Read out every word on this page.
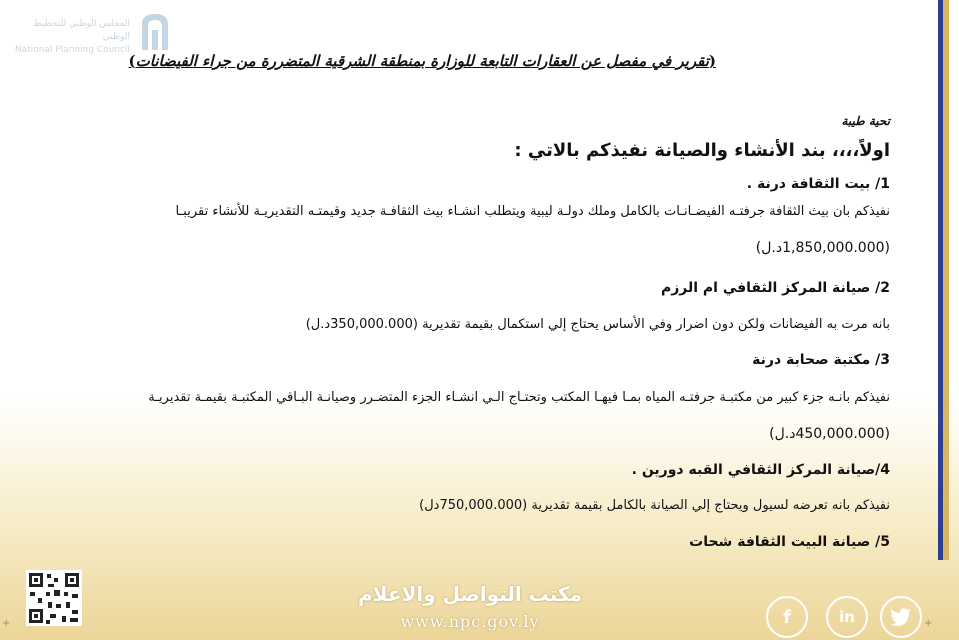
المجلس الوطني للتخطيط الوطني
National Planning Council
(تقرير في مفصل عن العقارات التابعة للوزارة بمنطقة الشرقية المتضررة من جراء الفيضانات)
تحية طيبة
اولاً،،،، بند الأنشاء والصيانة نفيذكم بالاتي :
1/ بيت الثقافة درنة .
نفيذكم بان بيث الثقافة جرفتـه الفيضـانـات بالكامل وملك دولـة ليبية ويتطلب انشـاء بيث الثقافـة جديد وقيمتـه التقديريـة للأنشاء تقريبـا
(1,850,000.000د.ل)
2/ صيانة المركز الثقافي ام الرزم
بانه مرت به الفيضانات ولكن دون اضرار وفي الأساس يحتاج إلي استكمال بقيمة تقديرية (350,000.000د.ل)
3/ مكتبة صحابة درنة
نفيذكم بانـه جزء كبير من مكتبـة جرفتـه المياه بمـا فيهـا المكتب وتحتـاج الـي انشـاء الجزء المتضـرر وصيانـة البـاقي المكتبـة بقيمـة تقديريـة
(450,000.000د.ل)
4/صيانة المركز الثقافي القبه دورين .
نفيذكم بانه تعرضه لسيول ويحتاج إلي الصيانة بالكامل بقيمة تقديرية (750,000.000دل)
5/ صيانة البيت الثقافة شحات
مكتب التواصل والاعلام
www.npc.gov.ly	f	in
+	+
